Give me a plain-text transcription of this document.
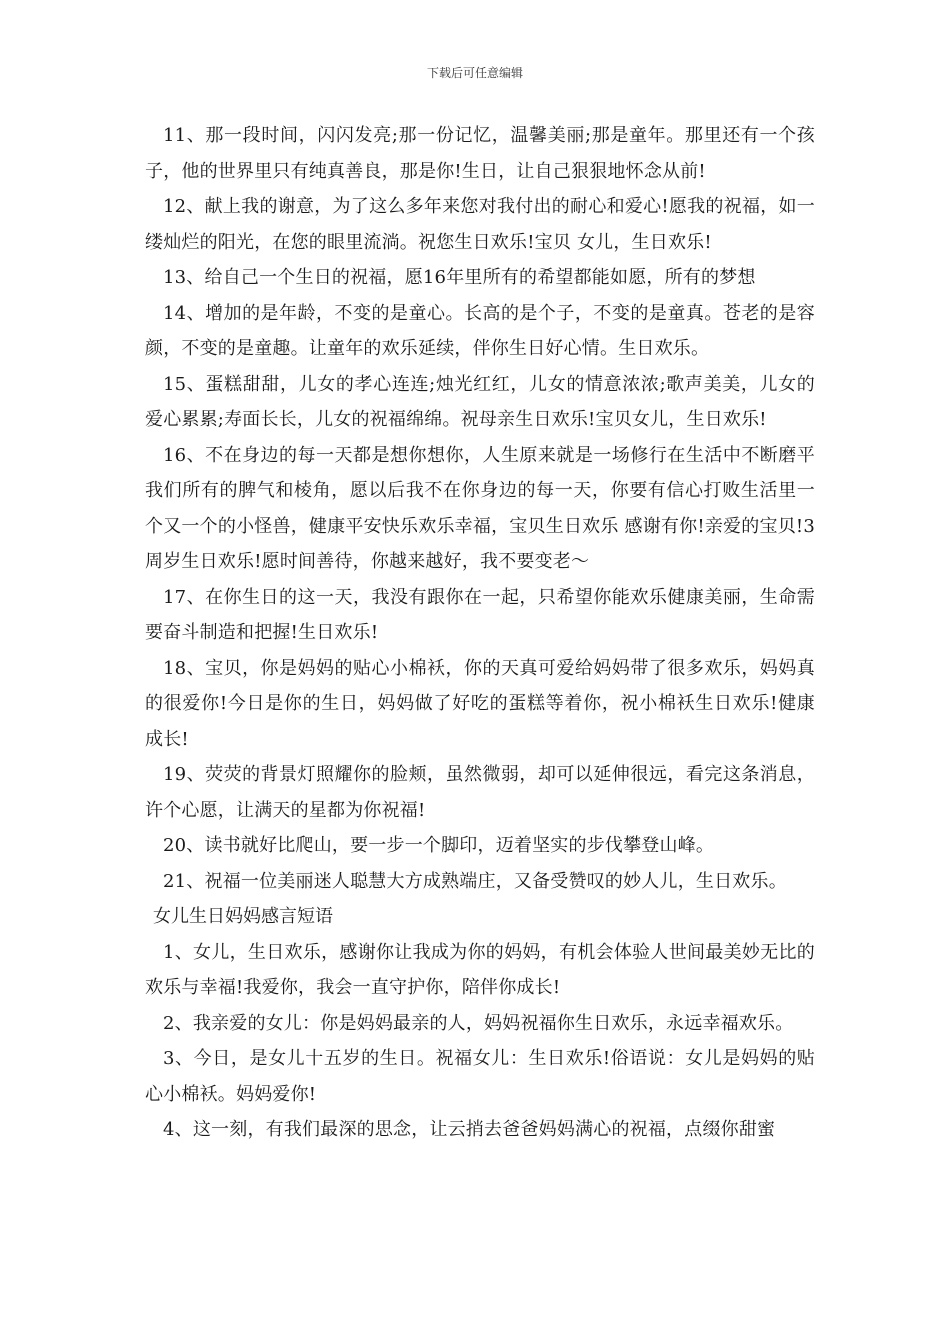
下载后可任意编辑

11、那一段时间，闪闪发亮;那一份记忆，温馨美丽;那是童年。那里还有一个孩子，他的世界里只有纯真善良，那是你!生日，让自己狠狠地怀念从前!

12、献上我的谢意，为了这么多年来您对我付出的耐心和爱心!愿我的祝福，如一缕灿烂的阳光，在您的眼里流淌。祝您生日欢乐!宝贝 女儿，生日欢乐!

13、给自己一个生日的祝福，愿16年里所有的希望都能如愿，所有的梦想

14、增加的是年龄，不变的是童心。长高的是个子，不变的是童真。苍老的是容颜，不变的是童趣。让童年的欢乐延续，伴你生日好心情。生日欢乐。

15、蛋糕甜甜，儿女的孝心连连;烛光红红，儿女的情意浓浓;歌声美美，儿女的爱心累累;寿面长长，儿女的祝福绵绵。祝母亲生日欢乐!宝贝女儿，生日欢乐!

16、不在身边的每一天都是想你想你，人生原来就是一场修行在生活中不断磨平我们所有的脾气和棱角，愿以后我不在你身边的每一天，你要有信心打败生活里一个又一个的小怪兽，健康平安快乐欢乐幸福，宝贝生日欢乐 感谢有你!亲爱的宝贝!3周岁生日欢乐!愿时间善待，你越来越好，我不要变老～

17、在你生日的这一天，我没有跟你在一起，只希望你能欢乐健康美丽，生命需要奋斗制造和把握!生日欢乐!

18、宝贝，你是妈妈的贴心小棉袄，你的天真可爱给妈妈带了很多欢乐，妈妈真的很爱你!今日是你的生日，妈妈做了好吃的蛋糕等着你，祝小棉袄生日欢乐!健康成长!

19、荧荧的背景灯照耀你的脸颊，虽然微弱，却可以延伸很远，看完这条消息，许个心愿，让满天的星都为你祝福!

20、读书就好比爬山，要一步一个脚印，迈着坚实的步伐攀登山峰。

21、祝福一位美丽迷人聪慧大方成熟端庄，又备受赞叹的妙人儿，生日欢乐。

女儿生日妈妈感言短语

1、女儿，生日欢乐，感谢你让我成为你的妈妈，有机会体验人世间最美妙无比的欢乐与幸福!我爱你，我会一直守护你，陪伴你成长!

2、我亲爱的女儿：你是妈妈最亲的人，妈妈祝福你生日欢乐，永远幸福欢乐。

3、今日，是女儿十五岁的生日。祝福女儿：生日欢乐!俗语说：女儿是妈妈的贴心小棉袄。妈妈爱你!

4、这一刻，有我们最深的思念，让云捎去爸爸妈妈满心的祝福，点缀你甜蜜
